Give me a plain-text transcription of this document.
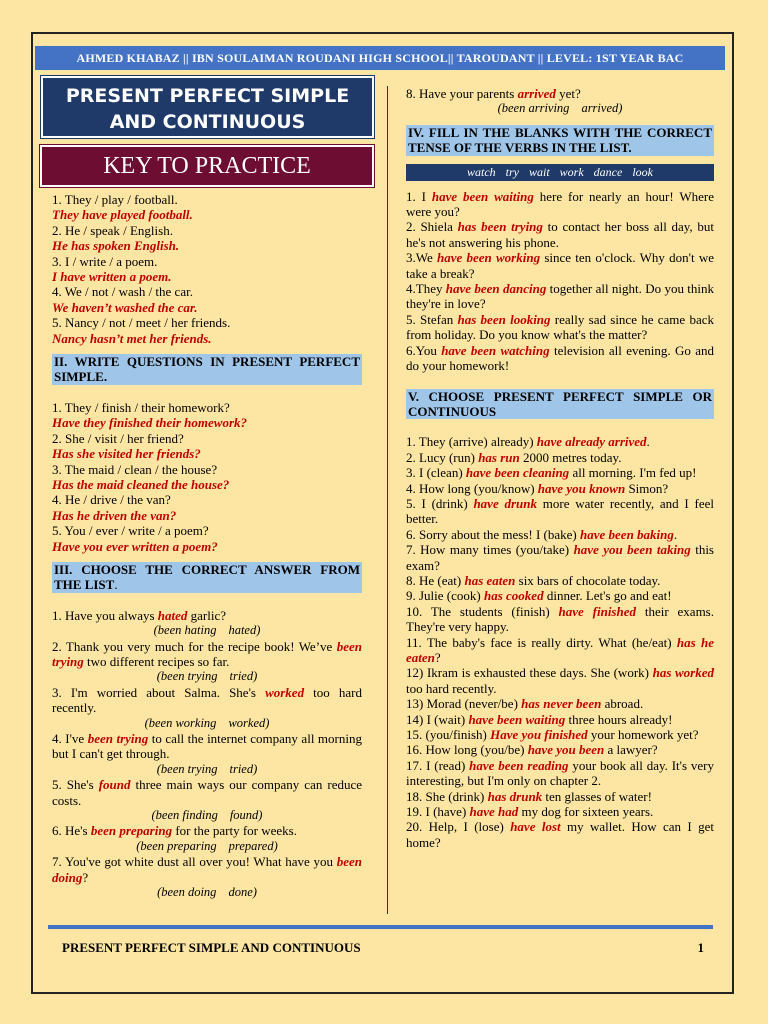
AHMED KHABAZ || IBN SOULAIMAN ROUDANI HIGH SCHOOL|| TAROUDANT || LEVEL: 1ST YEAR BAC
PRESENT PERFECT SIMPLE
AND CONTINUOUS
KEY TO PRACTICE

1. They / play / football.

They have played football.

2. He / speak / English.

He has spoken English.

3. I / write / a poem.

I have written a poem.

4. We / not / wash / the car.

We haven’t washed the car.

5. Nancy / not / meet / her friends.

Nancy hasn’t met her friends.

II. WRITE QUESTIONS IN PRESENT PERFECT SIMPLE.

1. They / finish / their homework?

Have they finished their homework?

2. She / visit / her friend?

Has she visited her friends?

3. The maid / clean / the house?

Has the maid cleaned the house?

4. He / drive / the van?

Has he driven the van?

5. You / ever / write / a poem?

Have you ever written a poem?

III. CHOOSE THE CORRECT ANSWER FROM THE LIST.

1. Have you always hated garlic?

(been hating hated)

2. Thank you very much for the recipe book! We’ve been trying two different recipes so far.

(been trying tried)

3. I'm worried about Salma. She's worked too hard recently.

(been working worked)

4. I've been trying to call the internet company all morning but I can't get through.

(been trying tried)

5. She's found three main ways our company can reduce costs.

(been finding found)

6. He's been preparing for the party for weeks.

(been preparing prepared)

7. You've got white dust all over you! What have you been doing?

(been doing done)

8. Have your parents arrived yet?

(been arriving arrived)

IV. FILL IN THE BLANKS WITH THE CORRECT TENSE OF THE VERBS IN THE LIST.

watch try wait work dance look

1. I have been waiting here for nearly an hour! Where were you?

2. Shiela has been trying to contact her boss all day, but he's not answering his phone.

3.We have been working since ten o'clock. Why don't we take a break?

4.They have been dancing together all night. Do you think they're in love?

5. Stefan has been looking really sad since he came back from holiday. Do you know what's the matter?

6.You have been watching television all evening. Go and do your homework!

V. CHOOSE PRESENT PERFECT SIMPLE OR CONTINUOUS

1. They (arrive) already) have already arrived.

2. Lucy (run) has run 2000 metres today.

3. I (clean) have been cleaning all morning. I'm fed up!

4. How long (you/know) have you known Simon?

5. I (drink) have drunk more water recently, and I feel better.

6. Sorry about the mess! I (bake) have been baking.

7. How many times (you/take) have you been taking this exam?

8. He (eat) has eaten six bars of chocolate today.

9. Julie (cook) has cooked dinner. Let's go and eat!

10. The students (finish) have finished their exams. They're very happy.

11. The baby's face is really dirty. What (he/eat) has he eaten?

12) Ikram is exhausted these days. She (work) has worked too hard recently.

13) Morad (never/be) has never been abroad.

14) I (wait) have been waiting three hours already!

15. (you/finish) Have you finished your homework yet?

16. How long (you/be) have you been a lawyer?

17. I (read) have been reading your book all day. It's very interesting, but I'm only on chapter 2.

18. She (drink) has drunk ten glasses of water!

19. I (have) have had my dog for sixteen years.

20. Help, I (lose) have lost my wallet. How can I get home?

PRESENT PERFECT SIMPLE AND CONTINUOUS	1
